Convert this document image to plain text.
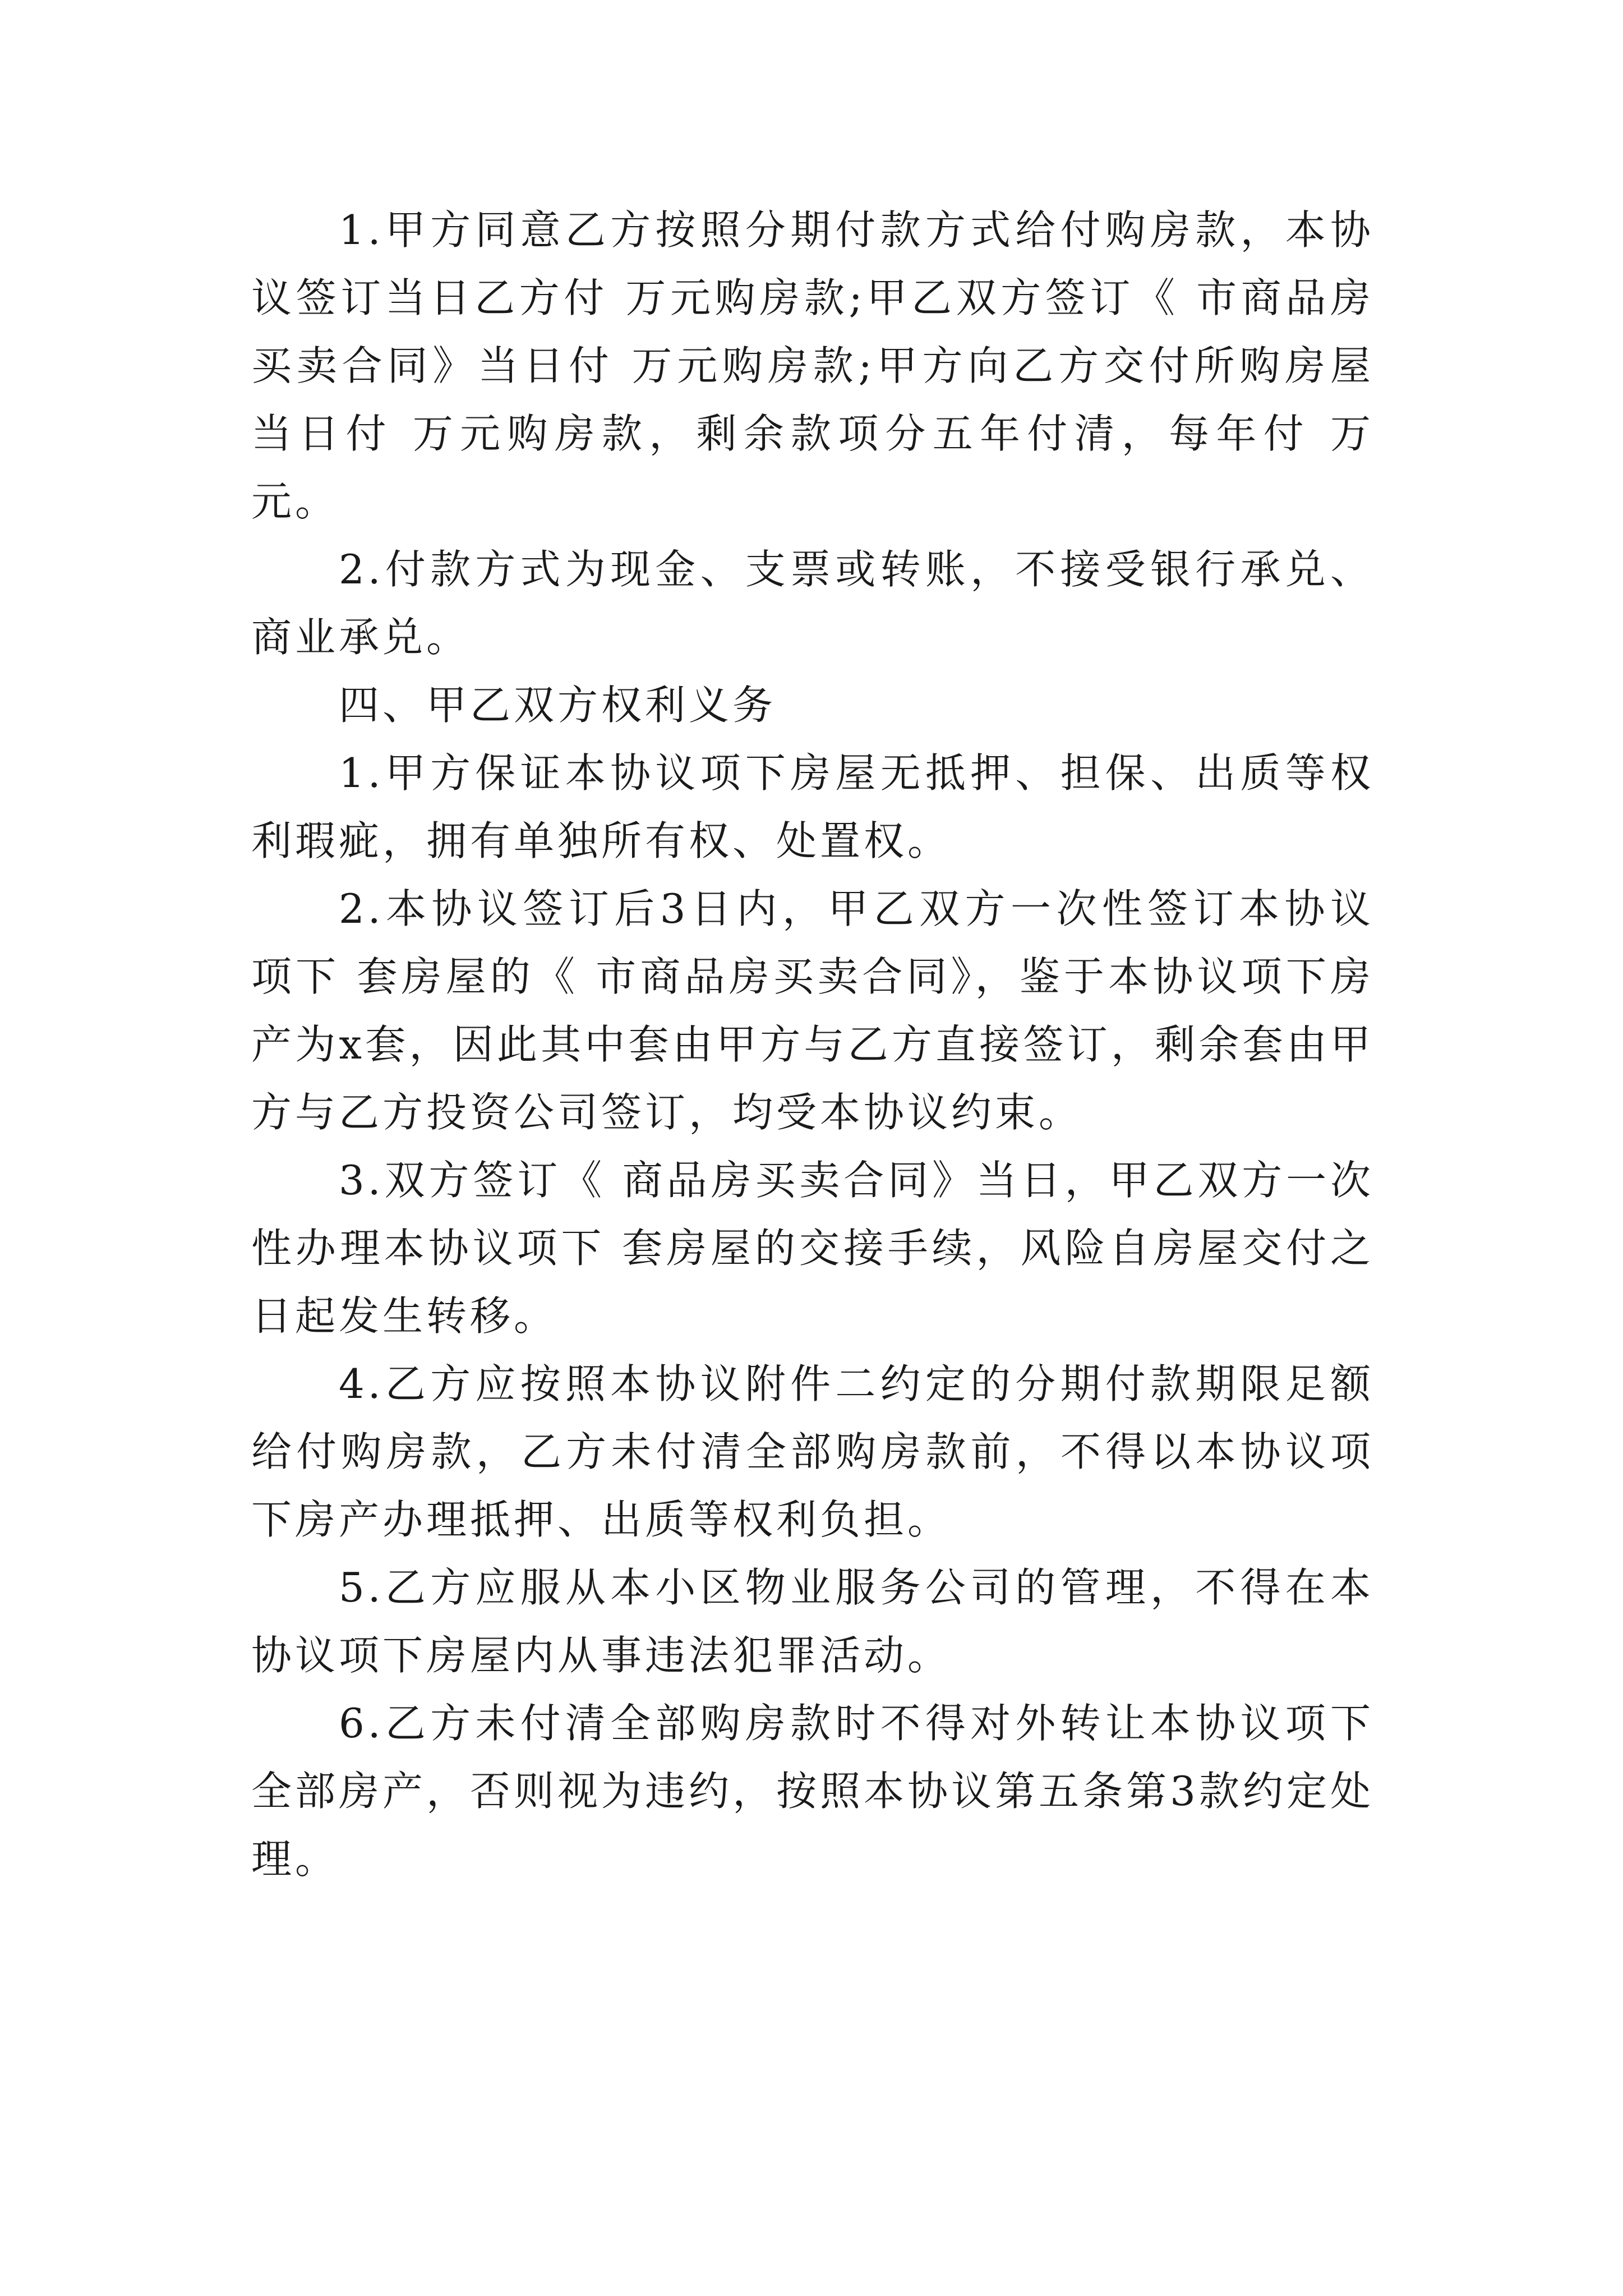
1.甲方同意乙方按照分期付款方式给付购房款，本协议签订当日乙方付 万元购房款;甲乙双方签订《 市商品房买卖合同》当日付 万元购房款;甲方向乙方交付所购房屋当日付 万元购房款，剩余款项分五年付清，每年付 万元。

2.付款方式为现金、支票或转账，不接受银行承兑、商业承兑。

四、甲乙双方权利义务

1.甲方保证本协议项下房屋无抵押、担保、出质等权利瑕疵，拥有单独所有权、处置权。

2.本协议签订后3日内，甲乙双方一次性签订本协议项下 套房屋的《 市商品房买卖合同》，鉴于本协议项下房产为x套，因此其中套由甲方与乙方直接签订，剩余套由甲方与乙方投资公司签订，均受本协议约束。

3.双方签订《 商品房买卖合同》当日，甲乙双方一次性办理本协议项下 套房屋的交接手续，风险自房屋交付之日起发生转移。

4.乙方应按照本协议附件二约定的分期付款期限足额给付购房款，乙方未付清全部购房款前，不得以本协议项下房产办理抵押、出质等权利负担。

5.乙方应服从本小区物业服务公司的管理，不得在本协议项下房屋内从事违法犯罪活动。

6.乙方未付清全部购房款时不得对外转让本协议项下全部房产，否则视为违约，按照本协议第五条第3款约定处理。
